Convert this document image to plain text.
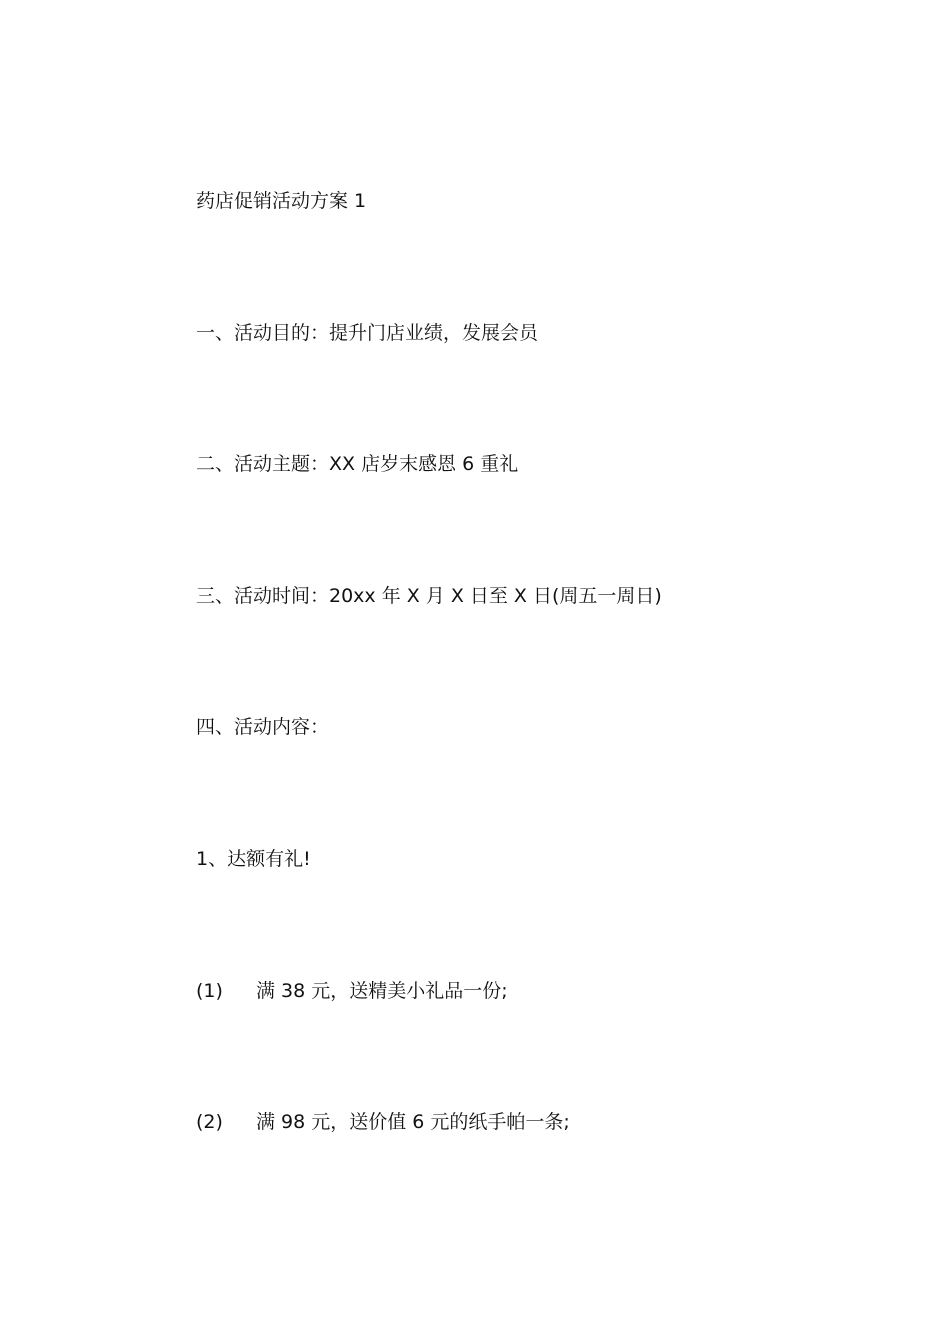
药店促销活动方案 1
一、活动目的：提升门店业绩，发展会员
二、活动主题：XX 店岁末感恩 6 重礼
三、活动时间：20xx 年 X 月 X 日至 X 日(周五一周日)
四、活动内容：
1、达额有礼!
(1) 满 38 元，送精美小礼品一份;
(2) 满 98 元，送价值 6 元的纸手帕一条;
